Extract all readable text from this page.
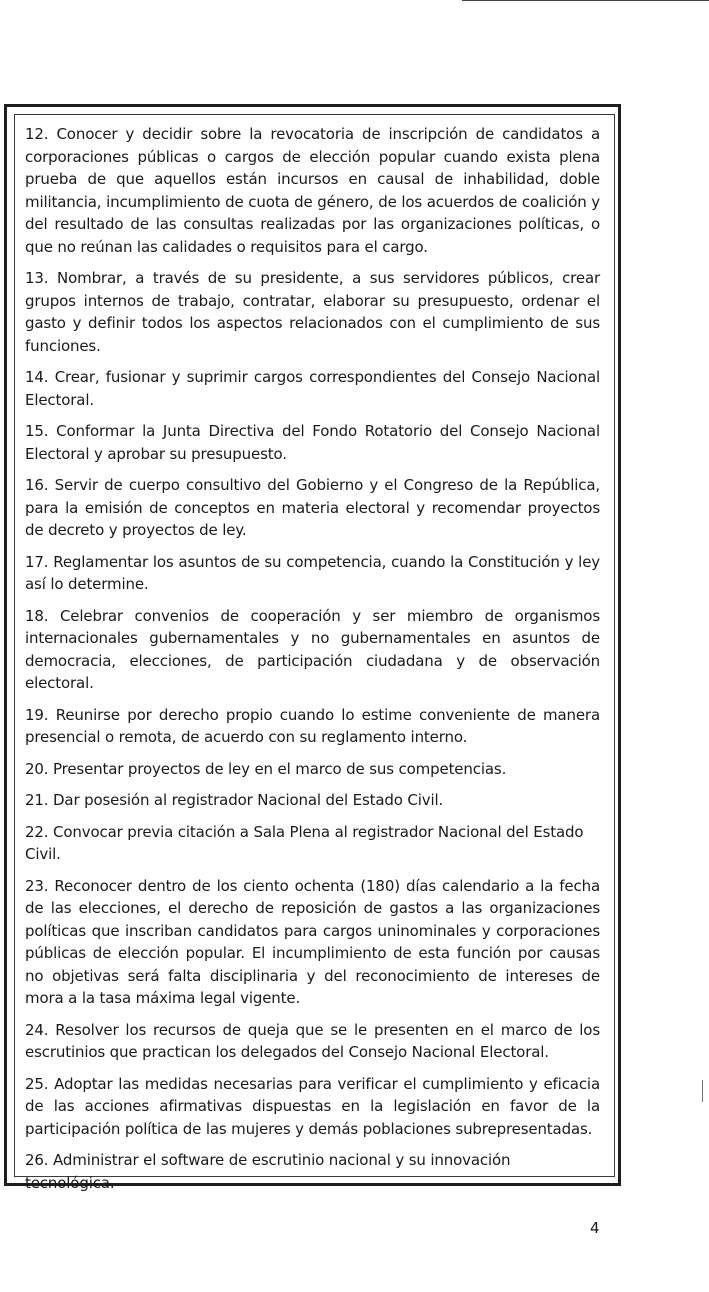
12. Conocer y decidir sobre la revocatoria de inscripción de candidatos a corporaciones públicas o cargos de elección popular cuando exista plena prueba de que aquellos están incursos en causal de inhabilidad, doble militancia, incumplimiento de cuota de género, de los acuerdos de coalición y del resultado de las consultas realizadas por las organizaciones políticas, o que no reúnan las calidades o requisitos para el cargo.

13. Nombrar, a través de su presidente, a sus servidores públicos, crear grupos internos de trabajo, contratar, elaborar su presupuesto, ordenar el gasto y definir todos los aspectos relacionados con el cumplimiento de sus funciones.

14. Crear, fusionar y suprimir cargos correspondientes del Consejo Nacional Electoral.

15. Conformar la Junta Directiva del Fondo Rotatorio del Consejo Nacional Electoral y aprobar su presupuesto.

16. Servir de cuerpo consultivo del Gobierno y el Congreso de la República, para la emisión de conceptos en materia electoral y recomendar proyectos de decreto y proyectos de ley.

17. Reglamentar los asuntos de su competencia, cuando la Constitución y ley así lo determine.

18. Celebrar convenios de cooperación y ser miembro de organismos internacionales gubernamentales y no gubernamentales en asuntos de democracia, elecciones, de participación ciudadana y de observación electoral.

19. Reunirse por derecho propio cuando lo estime conveniente de manera presencial o remota, de acuerdo con su reglamento interno.

20. Presentar proyectos de ley en el marco de sus competencias.

21. Dar posesión al registrador Nacional del Estado Civil.

22. Convocar previa citación a Sala Plena al registrador Nacional del Estado Civil.

23. Reconocer dentro de los ciento ochenta (180) días calendario a la fecha de las elecciones, el derecho de reposición de gastos a las organizaciones políticas que inscriban candidatos para cargos uninominales y corporaciones públicas de elección popular. El incumplimiento de esta función por causas no objetivas será falta disciplinaria y del reconocimiento de intereses de mora a la tasa máxima legal vigente.

24. Resolver los recursos de queja que se le presenten en el marco de los escrutinios que practican los delegados del Consejo Nacional Electoral.

25. Adoptar las medidas necesarias para verificar el cumplimiento y eficacia de las acciones afirmativas dispuestas en la legislación en favor de la participación política de las mujeres y demás poblaciones subrepresentadas.

26. Administrar el software de escrutinio nacional y su innovación tecnológica.

4
